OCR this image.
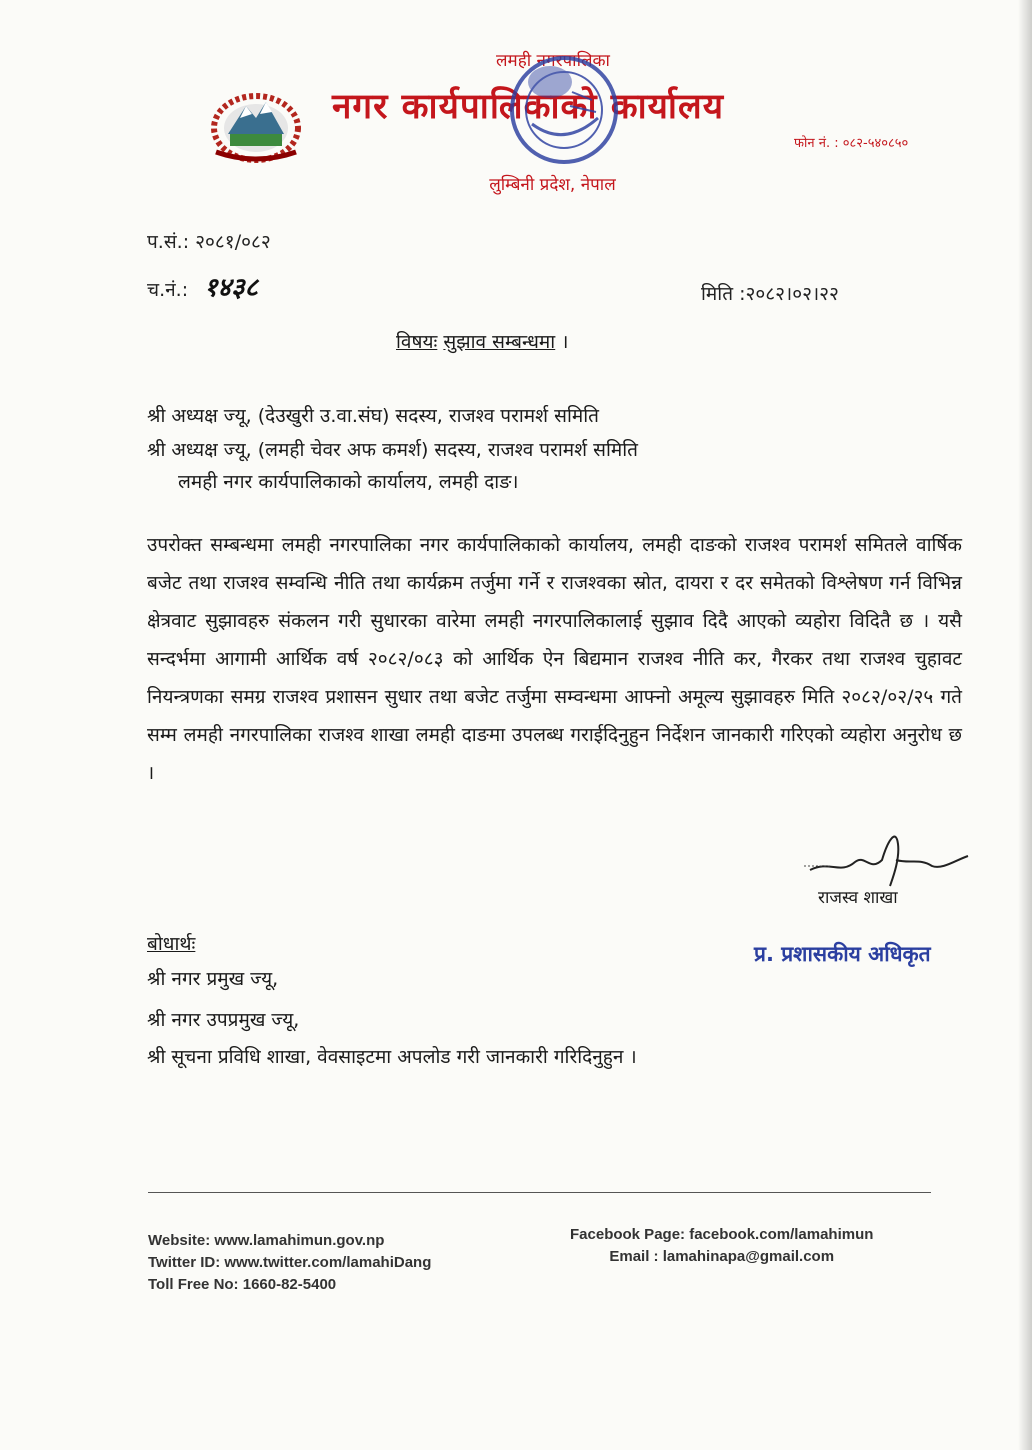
लमही नगरपालिका
नगर कार्यपालिकाको कार्यालय
लुम्बिनी प्रदेश, नेपाल
फोन नं. : ०८२-५४०८५०
प.सं.: २०८१/०८२
च.नं.: १४३८	मिति :२०८२।०२।२२
विषयः सुझाव सम्बन्धमा ।
श्री अध्यक्ष ज्यू, (देउखुरी उ.वा.संघ) सदस्य, राजश्व परामर्श समिति
श्री अध्यक्ष ज्यू, (लमही चेवर अफ कमर्श) सदस्य, राजश्व परामर्श समिति
लमही नगर कार्यपालिकाको कार्यालय, लमही दाङ।
उपरोक्त सम्बन्धमा लमही नगरपालिका नगर कार्यपालिकाको कार्यालय, लमही दाङको राजश्व परामर्श समितले वार्षिक बजेट तथा राजश्व सम्वन्धि नीति तथा कार्यक्रम तर्जुमा गर्ने र राजश्वका स्रोत, दायरा र दर समेतको विश्लेषण गर्न विभिन्न क्षेत्रवाट सुझावहरु संकलन गरी सुधारका वारेमा लमही नगरपालिकालाई सुझाव दिदै आएको व्यहोरा विदितै छ । यसै सन्दर्भमा आगामी आर्थिक वर्ष २०८२/०८३ को आर्थिक ऐन बिद्यमान राजश्व नीति कर, गैरकर तथा राजश्व चुहावट नियन्त्रणका समग्र राजश्व प्रशासन सुधार तथा बजेट तर्जुमा सम्वन्धमा आफ्नो अमूल्य सुझावहरु मिति २०८२/०२/२५ गते सम्म लमही नगरपालिका राजश्व शाखा लमही दाङमा उपलब्ध गराईदिनुहुन निर्देशन जानकारी गरिएको व्यहोरा अनुरोध छ ।
राजस्व शाखा
प्र. प्रशासकीय अधिकृत
बोधार्थः
श्री नगर प्रमुख ज्यू,
श्री नगर उपप्रमुख ज्यू,
श्री सूचना प्रविधि शाखा, वेवसाइटमा अपलोड गरी जानकारी गरिदिनुहुन ।
Website: www.lamahimun.gov.np
Twitter ID: www.twitter.com/lamahiDang
Toll Free No: 1660-82-5400
Facebook Page: facebook.com/lamahimun
Email : lamahinapa@gmail.com
